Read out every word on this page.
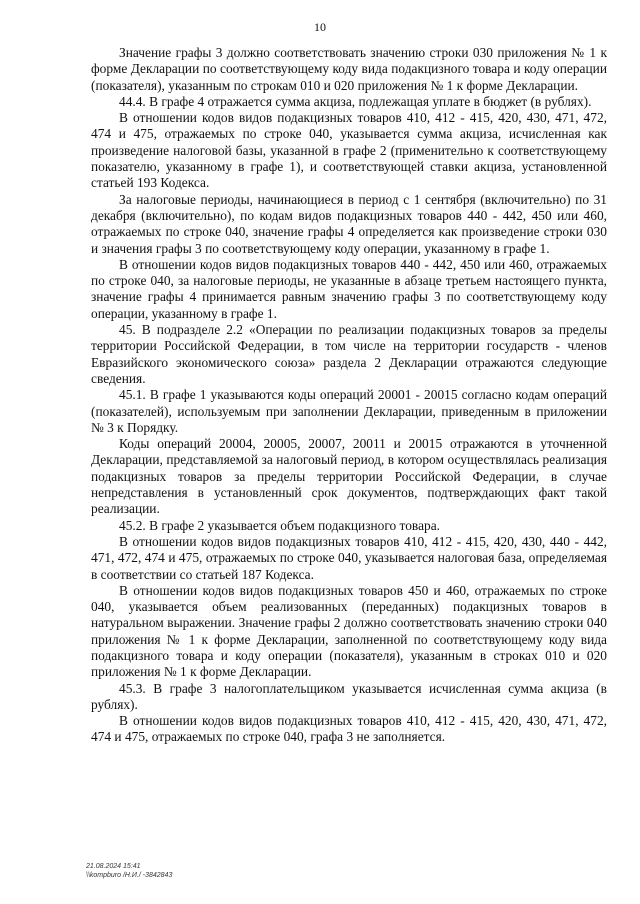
10

Значение графы 3 должно соответствовать значению строки 030 приложения № 1 к форме Декларации по соответствующему коду вида подакцизного товара и коду операции (показателя), указанным по строкам 010 и 020 приложения № 1 к форме Декларации.

44.4. В графе 4 отражается сумма акциза, подлежащая уплате в бюджет (в рублях).

В отношении кодов видов подакцизных товаров 410, 412 - 415, 420, 430, 471, 472, 474 и 475, отражаемых по строке 040, указывается сумма акциза, исчисленная как произведение налоговой базы, указанной в графе 2 (применительно к соответствующему показателю, указанному в графе 1), и соответствующей ставки акциза, установленной статьей 193 Кодекса.

За налоговые периоды, начинающиеся в период с 1 сентября (включительно) по 31 декабря (включительно), по кодам видов подакцизных товаров 440 - 442, 450 или 460, отражаемых по строке 040, значение графы 4 определяется как произведение строки 030 и значения графы 3 по соответствующему коду операции, указанному в графе 1.

В отношении кодов видов подакцизных товаров 440 - 442, 450 или 460, отражаемых по строке 040, за налоговые периоды, не указанные в абзаце третьем настоящего пункта, значение графы 4 принимается равным значению графы 3 по соответствующему коду операции, указанному в графе 1.

45. В подразделе 2.2 «Операции по реализации подакцизных товаров за пределы территории Российской Федерации, в том числе на территории государств - членов Евразийского экономического союза» раздела 2 Декларации отражаются следующие сведения.

45.1. В графе 1 указываются коды операций 20001 - 20015 согласно кодам операций (показателей), используемым при заполнении Декларации, приведенным в приложении № 3 к Порядку.

Коды операций 20004, 20005, 20007, 20011 и 20015 отражаются в уточненной Декларации, представляемой за налоговый период, в котором осуществлялась реализация подакцизных товаров за пределы территории Российской Федерации, в случае непредставления в установленный срок документов, подтверждающих факт такой реализации.

45.2. В графе 2 указывается объем подакцизного товара.

В отношении кодов видов подакцизных товаров 410, 412 - 415, 420, 430, 440 - 442, 471, 472, 474 и 475, отражаемых по строке 040, указывается налоговая база, определяемая в соответствии со статьей 187 Кодекса.

В отношении кодов видов подакцизных товаров 450 и 460, отражаемых по строке 040, указывается объем реализованных (переданных) подакцизных товаров в натуральном выражении. Значение графы 2 должно соответствовать значению строки 040 приложения № 1 к форме Декларации, заполненной по соответствующему коду вида подакцизного товара и коду операции (показателя), указанным в строках 010 и 020 приложения № 1 к форме Декларации.

45.3. В графе 3 налогоплательщиком указывается исчисленная сумма акциза (в рублях).

В отношении кодов видов подакцизных товаров 410, 412 - 415, 420, 430, 471, 472, 474 и 475, отражаемых по строке 040, графа 3 не заполняется.

21.08.2024 15:41
\\kompburo /Н.И./ -3842843
